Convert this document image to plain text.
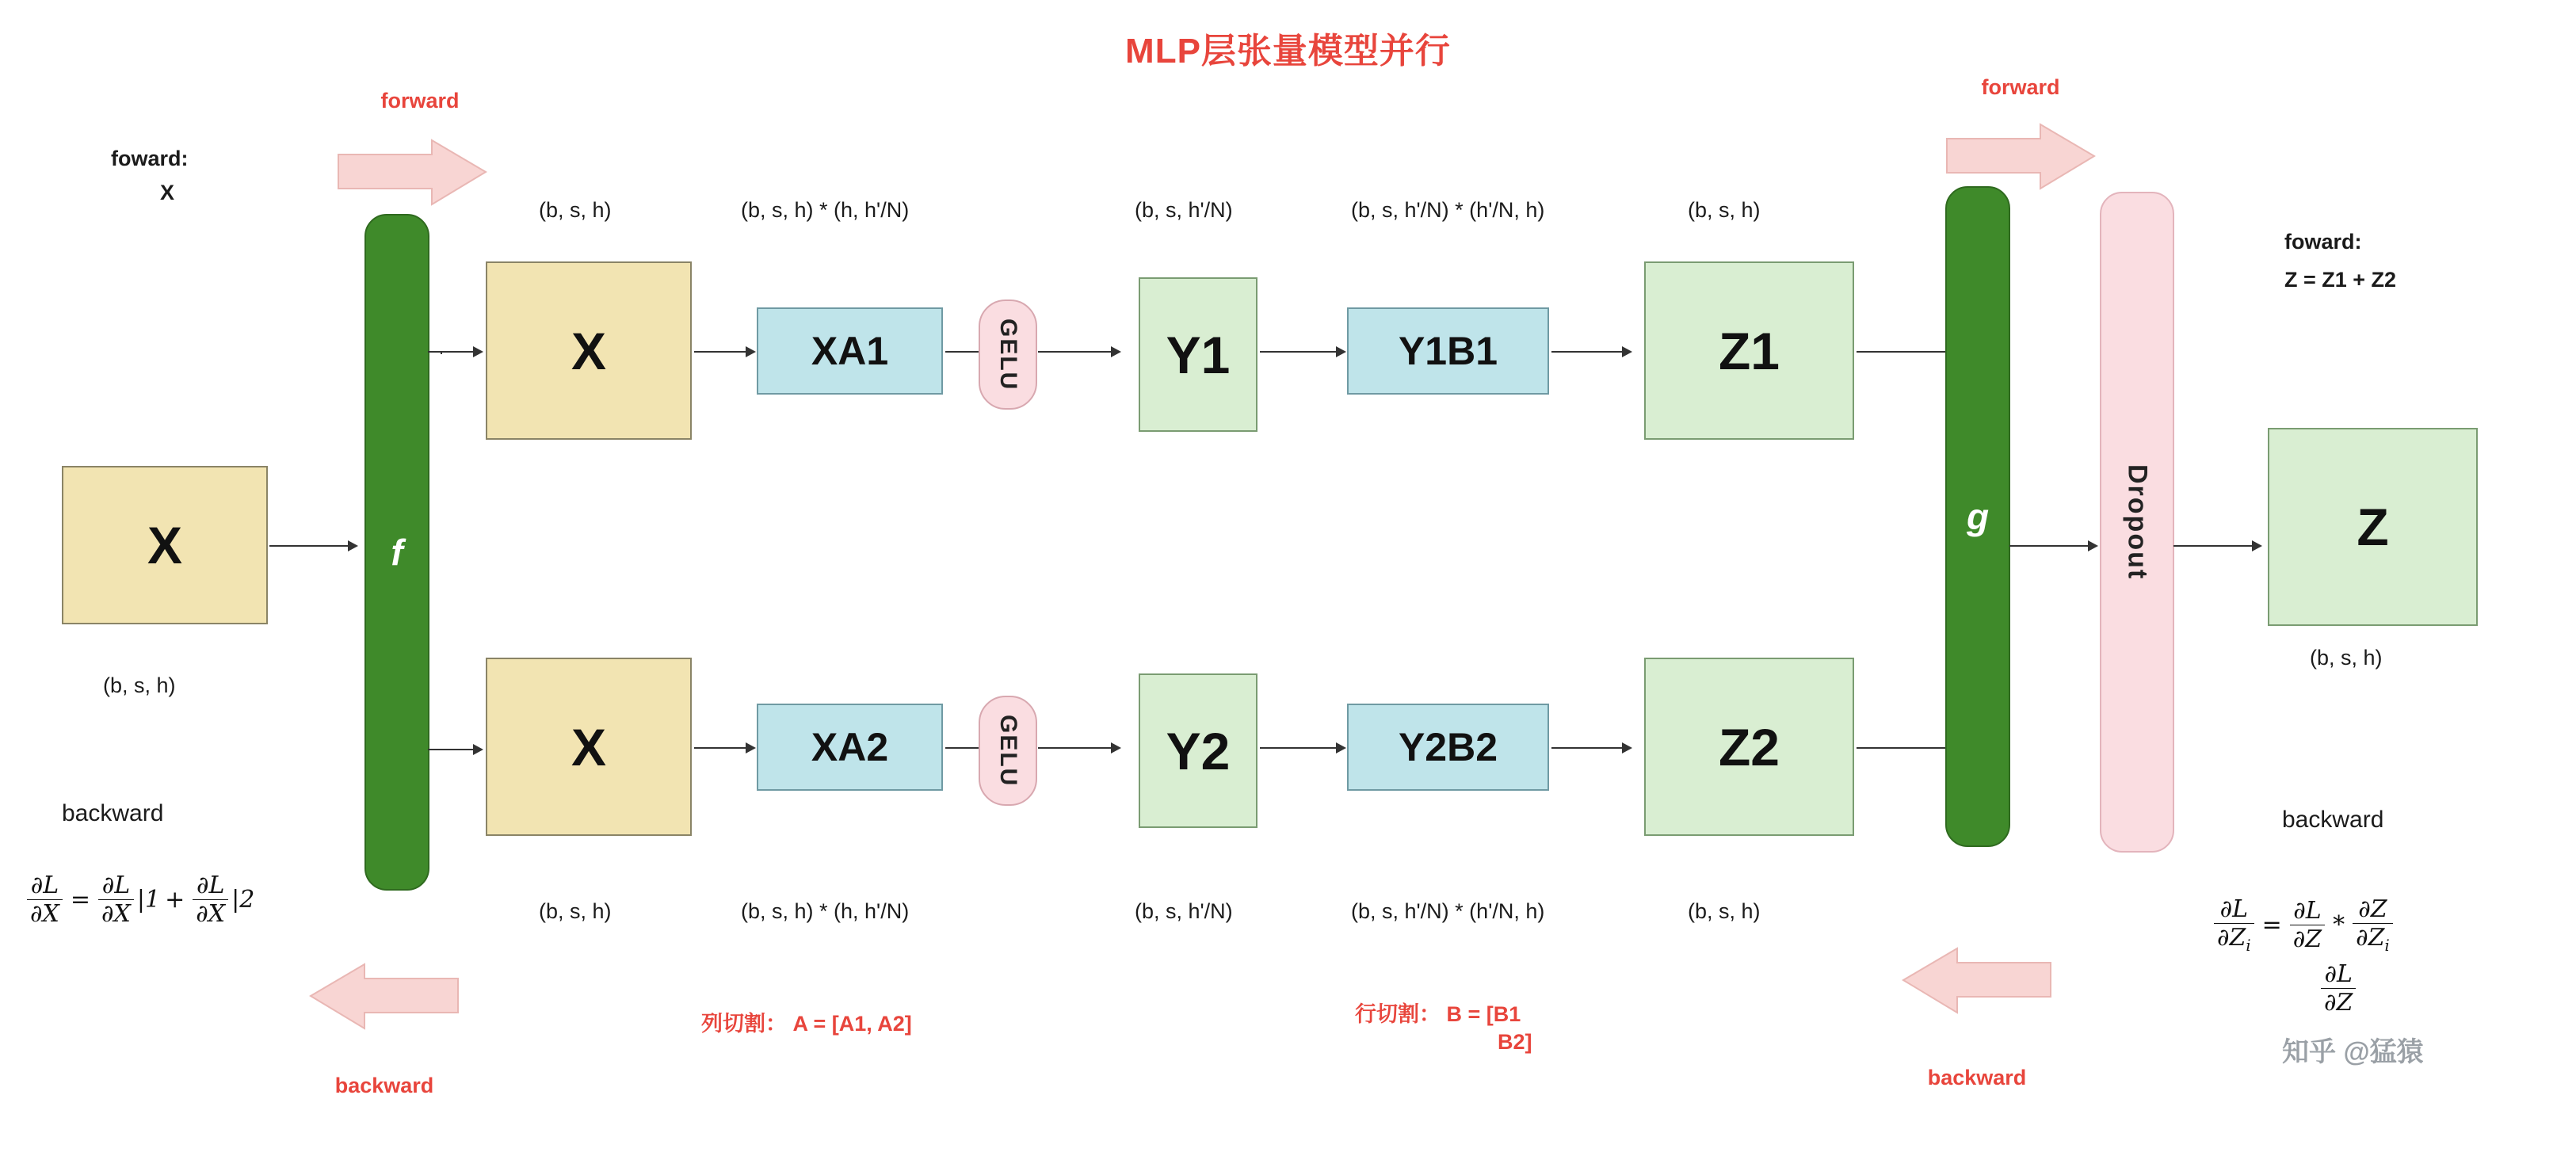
MLP层张量模型并行
forward
foward:
X
X
(b, s, h)
f
(b, s, h)
X
(b, s, h) * (h, h'/N)
XA1	GELU
(b, s, h'/N)
Y1
(b, s, h'/N) * (h'/N, h)
Y1B1
(b, s, h)
Z1
X
(b, s, h)
XA2
(b, s, h) * (h, h'/N)
GELU	Y2
(b, s, h'/N)
Y2B2
(b, s, h'/N) * (h'/N, h)
Z2
(b, s, h)
g
forward
Dropout	Z
(b, s, h)
foward:
Z = Z1 + Z2
backward	backward
$\frac{\partial L}{\partial X} = \frac{\partial L}{\partial X} |1 + \frac{\partial L}{\partial X} |2$	$\frac{\partial L}{\partial Z_i} = \frac{\partial L}{\partial Z} * \frac{\partial Z}{\partial Z_i}$
$\frac{\partial L}{\partial Z}$
backward	backward
列切割： A = [A1, A2]	行切割： B = [B1
B2]	知乎 @猛猿
